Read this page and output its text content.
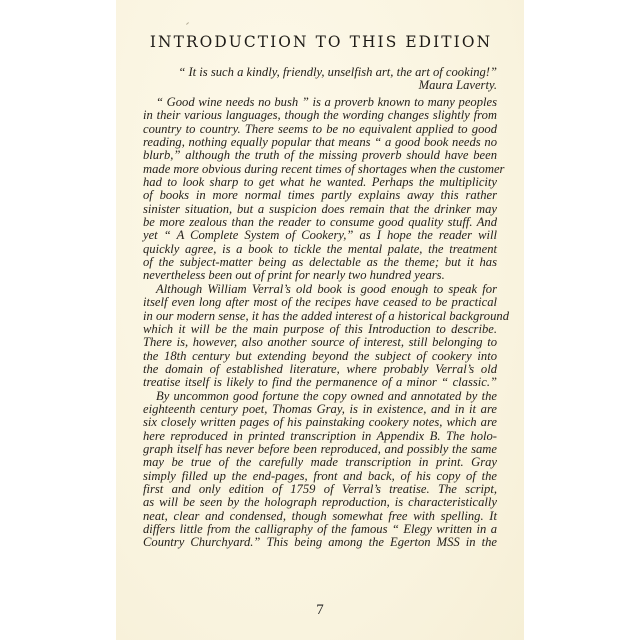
INTRODUCTION TO THIS EDITION
“ It is such a kindly, friendly, unselfish art, the art of cooking!”
Maura Laverty.
“ Good wine needs no bush ” is a proverb known to many peoples
in their various languages, though the wording changes slightly from
country to country. There seems to be no equivalent applied to good
reading, nothing equally popular that means “ a good book needs no
blurb,” although the truth of the missing proverb should have been
made more obvious during recent times of shortages when the customer
had to look sharp to get what he wanted. Perhaps the multiplicity
of books in more normal times partly explains away this rather
sinister situation, but a suspicion does remain that the drinker may
be more zealous than the reader to consume good quality stuff. And
yet “ A Complete System of Cookery,” as I hope the reader will
quickly agree, is a book to tickle the mental palate, the treatment
of the subject-matter being as delectable as the theme; but it has
nevertheless been out of print for nearly two hundred years.
Although William Verral’s old book is good enough to speak for
itself even long after most of the recipes have ceased to be practical
in our modern sense, it has the added interest of a historical background
which it will be the main purpose of this Introduction to describe.
There is, however, also another source of interest, still belonging to
the 18th century but extending beyond the subject of cookery into
the domain of established literature, where probably Verral’s old
treatise itself is likely to find the permanence of a minor “ classic.”
By uncommon good fortune the copy owned and annotated by the
eighteenth century poet, Thomas Gray, is in existence, and in it are
six closely written pages of his painstaking cookery notes, which are
here reproduced in printed transcription in Appendix B. The holo-
graph itself has never before been reproduced, and possibly the same
may be true of the carefully made transcription in print. Gray
simply filled up the end-pages, front and back, of his copy of the
first and only edition of 1759 of Verral’s treatise. The script,
as will be seen by the holograph reproduction, is characteristically
neat, clear and condensed, though somewhat free with spelling. It
differs little from the calligraphy of the famous “ Elegy written in a
Country Churchyard.” This being among the Egerton MSS in the
7
